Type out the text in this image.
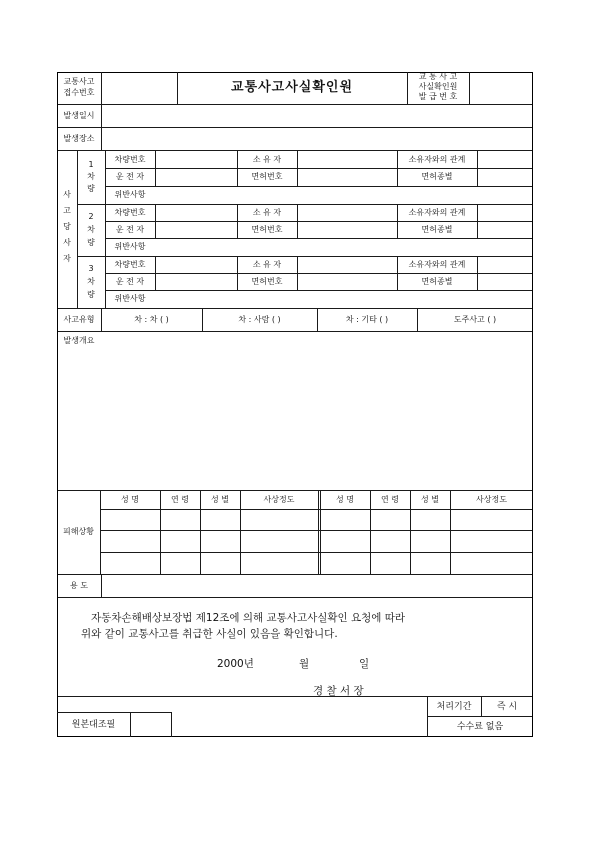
교통사고
접수번호	교통사고사실확인원
교 통 사 고
사실확인원
발 급 번 호
발생일시
발생장소
사
고
당
사
자
1
차
량
차량번호	소 유 자	소유자와의 관계
운 전 자	면허번호	면허종별
위반사항
2
차
량
차량번호	소 유 자	소유자와의 관계
운 전 자	면허번호	면허종별
위반사항
3
차
량
차량번호	소 유 자	소유자와의 관계
운 전 자	면허번호	면허종별
위반사항
사고유형	차 : 차 ( )	차 : 사람 ( )	차 : 기타 ( )	도주사고 ( )
발생개요
피해상황
성 명	연 령	성 별	사상정도	성 명	연 령	성 별	사상정도
용 도
자동차손해배상보장법 제12조에 의해 교통사고사실확인 요청에 따라
위와 같이 교통사고를 취급한 사실이 있음을 확인합니다.
2000년	월	일
경 찰 서 장
원본대조필
처리기간	즉 시
수수료 없음
